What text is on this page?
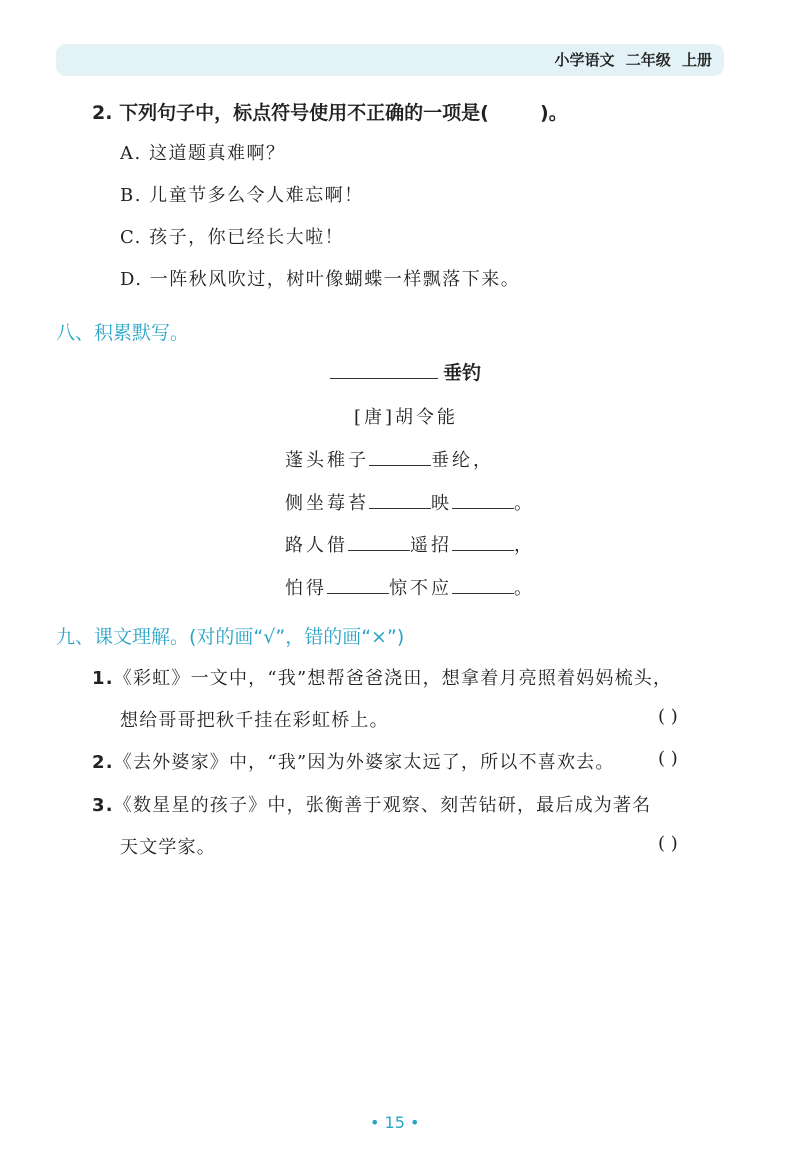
小学语文 二年级 上册
2. 下列句子中，标点符号使用不正确的一项是(	)。
A. 这道题真难啊？
B. 儿童节多么令人难忘啊！
C. 孩子，你已经长大啦！
D. 一阵秋风吹过，树叶像蝴蝶一样飘落下来。
八、积累默写。
垂钓
[唐]胡令能
蓬头稚子	垂纶，
侧坐莓苔	映	。
路人借	遥招	，
怕得	惊不应	。
九、课文理解。(对的画“√”，错的画“×”)
1.《彩虹》一文中，“我”想帮爸爸浇田，想拿着月亮照着妈妈梳头，
想给哥哥把秋千挂在彩虹桥上。	( )
2.《去外婆家》中，“我”因为外婆家太远了，所以不喜欢去。 ( )
3.《数星星的孩子》中，张衡善于观察、刻苦钻研，最后成为著名
天文学家。	( )
• 15 •
